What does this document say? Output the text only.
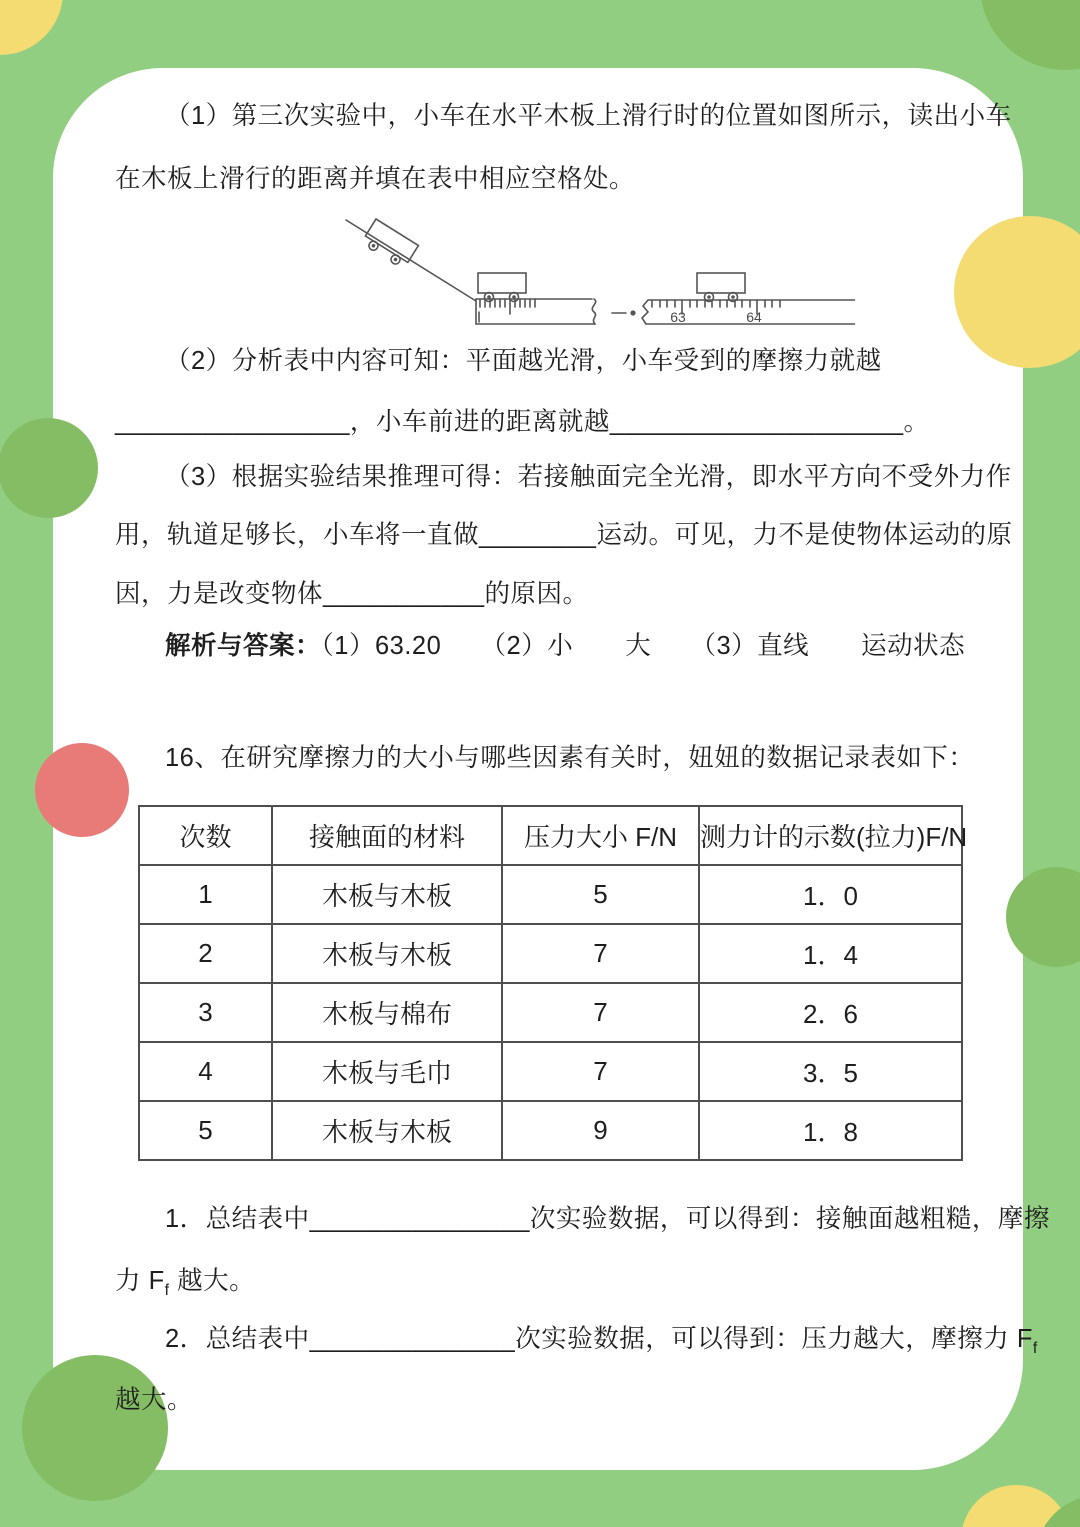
（1）第三次实验中，小车在水平木板上滑行时的位置如图所示，读出小车
在木板上滑行的距离并填在表中相应空格处。
63	64
（2）分析表中内容可知：平面越光滑，小车受到的摩擦力就越
________________，小车前进的距离就越____________________。
（3）根据实验结果推理可得：若接触面完全光滑，即水平方向不受外力作
用，轨道足够长，小车将一直做________运动。可见，力不是使物体运动的原
因，力是改变物体___________的原因。
解析与答案：（1）63.20　　（2）小　　大　　（3）直线　　运动状态
16、在研究摩擦力的大小与哪些因素有关时，妞妞的数据记录表如下：
次数	接触面的材料	压力大小 F/N	测力计的示数(拉力)F/N
1	木板与木板	5	1．0
2	木板与木板	7	1．4
3	木板与棉布	7	2．6
4	木板与毛巾	7	3．5
5	木板与木板	9	1．8
1．总结表中_______________次实验数据，可以得到：接触面越粗糙，摩擦
力 $F_f$ 越大。
2．总结表中______________次实验数据，可以得到：压力越大，摩擦力 $F_f$
越大。
